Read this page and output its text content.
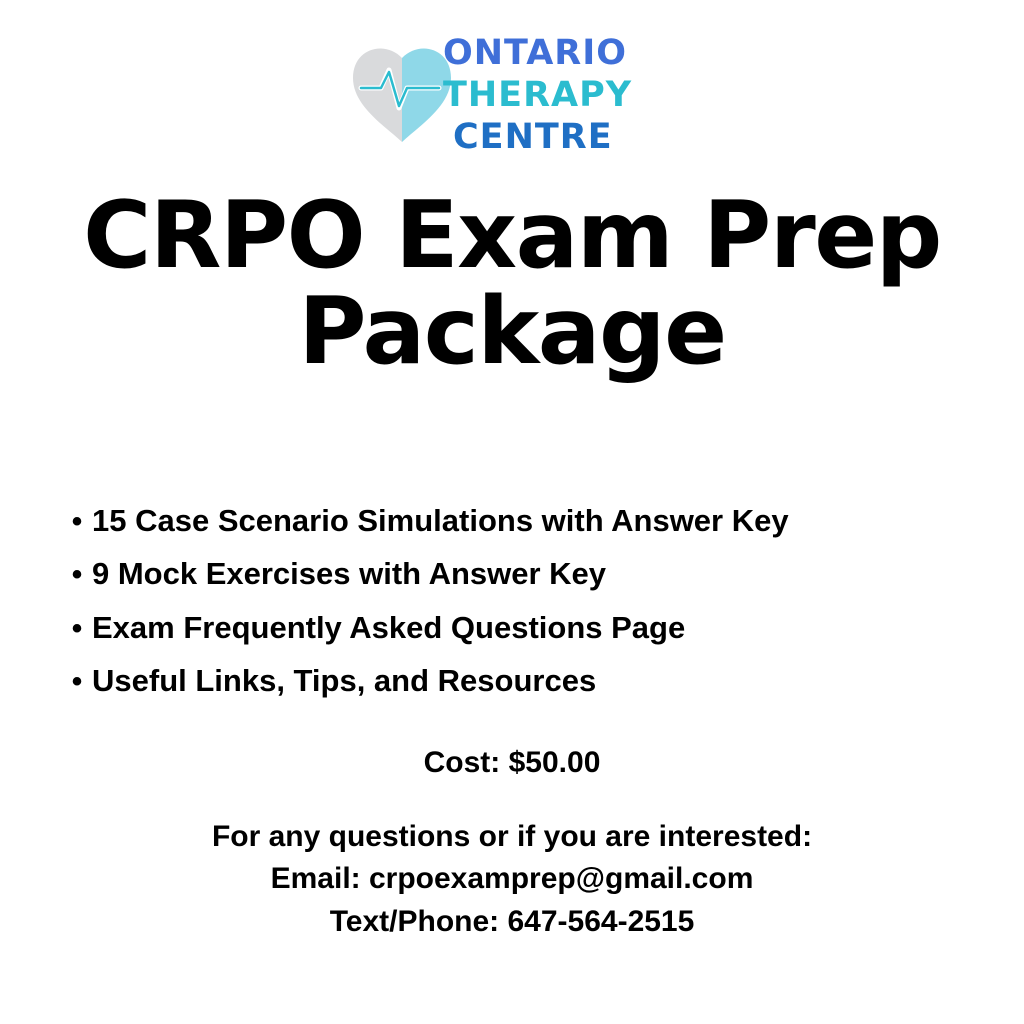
ONTARIO
THERAPY
CENTRE
CRPO Exam Prep Package
• 15 Case Scenario Simulations with Answer Key
• 9 Mock Exercises with Answer Key
• Exam Frequently Asked Questions Page
• Useful Links, Tips, and Resources
Cost: $50.00
For any questions or if you are interested:
Email: crpoexamprep@gmail.com
Text/Phone: 647-564-2515
